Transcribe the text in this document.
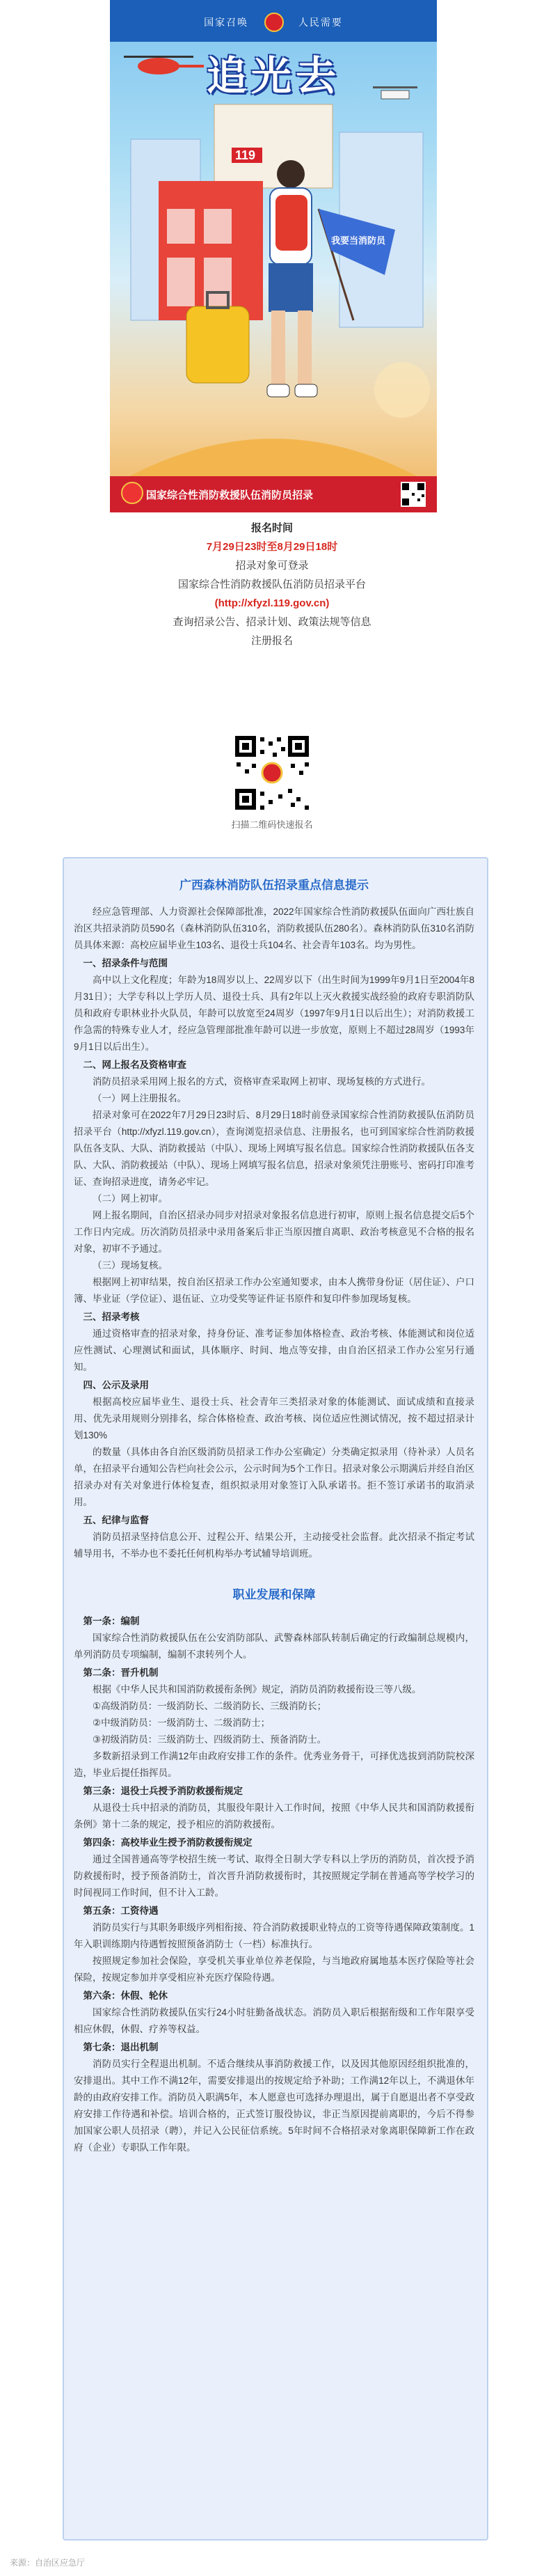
国家召唤	人民需要
119
我要当消防员
追光去
国家综合性消防救援队伍消防员招录
报名时间
7月29日23时至8月29日18时
招录对象可登录
国家综合性消防救援队伍消防员招录平台
(http://xfyzl.119.gov.cn)
查询招录公告、招录计划、政策法规等信息
注册报名
扫描二维码快速报名
广西森林消防队伍招录重点信息提示

经应急管理部、人力资源社会保障部批准，2022年国家综合性消防救援队伍面向广西壮族自治区共招录消防员590名（森林消防队伍310名，消防救援队伍280名）。森林消防队伍310名消防员具体来源：高校应届毕业生103名、退役士兵104名、社会青年103名。均为男性。

一、招录条件与范围

高中以上文化程度；年龄为18周岁以上、22周岁以下（出生时间为1999年9月1日至2004年8月31日）；大学专科以上学历人员、退役士兵、具有2年以上灭火救援实战经验的政府专职消防队员和政府专职林业扑火队员，年龄可以放宽至24周岁（1997年9月1日以后出生）；对消防救援工作急需的特殊专业人才，经应急管理部批准年龄可以进一步放宽，原则上不超过28周岁（1993年9月1日以后出生）。

二、网上报名及资格审查

消防员招录采用网上报名的方式，资格审查采取网上初审、现场复核的方式进行。

（一）网上注册报名。

招录对象可在2022年7月29日23时后、8月29日18时前登录国家综合性消防救援队伍消防员招录平台（http://xfyzl.119.gov.cn），查询浏览招录信息、注册报名，也可到国家综合性消防救援队伍各支队、大队、消防救援站（中队）、现场上网填写报名信息。国家综合性消防救援队伍各支队、大队、消防救援站（中队）、现场上网填写报名信息，招录对象须凭注册账号、密码打印准考证、查询招录进度，请务必牢记。

（二）网上初审。

网上报名期间，自治区招录办同步对招录对象报名信息进行初审，原则上报名信息提交后5个工作日内完成。历次消防员招录中录用备案后非正当原因擅自离职、政治考核意见不合格的报名对象，初审不予通过。

（三）现场复核。

根据网上初审结果，按自治区招录工作办公室通知要求，由本人携带身份证（居住证）、户口簿、毕业证（学位证）、退伍证、立功受奖等证件证书原件和复印件参加现场复核。

三、招录考核

通过资格审查的招录对象，持身份证、准考证参加体格检查、政治考核、体能测试和岗位适应性测试、心理测试和面试，具体顺序、时间、地点等安排，由自治区招录工作办公室另行通知。

四、公示及录用

根据高校应届毕业生、退役士兵、社会青年三类招录对象的体能测试、面试成绩和直接录用、优先录用规则分别排名，综合体格检查、政治考核、岗位适应性测试情况，按不超过招录计划130%

的数量（具体由各自治区级消防员招录工作办公室确定）分类确定拟录用（待补录）人员名单，在招录平台通知公告栏向社会公示，公示时间为5个工作日。招录对象公示期满后并经自治区招录办对有关对象进行体检复查，组织拟录用对象签订入队承诺书。拒不签订承诺书的取消录用。

五、纪律与监督

消防员招录坚持信息公开、过程公开、结果公开，主动接受社会监督。此次招录不指定考试辅导用书，不举办也不委托任何机构举办考试辅导培训班。

职业发展和保障

第一条：编制

国家综合性消防救援队伍在公安消防部队、武警森林部队转制后确定的行政编制总规模内，单列消防员专项编制，编制不隶转列个人。

第二条：晋升机制

根据《中华人民共和国消防救援衔条例》规定，消防员消防救援衔设三等八级。

①高级消防员：一级消防长、二级消防长、三级消防长；

②中级消防员：一级消防士、二级消防士；

③初级消防员：三级消防士、四级消防士、预备消防士。

多数新招录到工作满12年由政府安排工作的条件。优秀业务骨干，可择优选拔到消防院校深造，毕业后提任指挥员。

第三条：退役士兵授予消防救援衔规定

从退役士兵中招录的消防员，其服役年限计入工作时间，按照《中华人民共和国消防救援衔条例》第十二条的规定，授予相应的消防救援衔。

第四条：高校毕业生授予消防救援衔规定

通过全国普通高等学校招生统一考试、取得全日制大学专科以上学历的消防员，首次授予消防救援衔时，授予预备消防士，首次晋升消防救援衔时，其按照规定学制在普通高等学校学习的时间视同工作时间，但不计入工龄。

第五条：工资待遇

消防员实行与其职务职级序列相衔接、符合消防救援职业特点的工资等待遇保障政策制度。1年入职训练期内待遇暂按照预备消防士（一档）标准执行。

按照规定参加社会保险，享受机关事业单位养老保险，与当地政府属地基本医疗保险等社会保险，按规定参加并享受相应补充医疗保险待遇。

第六条：休假、轮休

国家综合性消防救援队伍实行24小时驻勤备战状态。消防员入职后根据衔级和工作年限享受相应休假，休假、疗养等权益。

第七条：退出机制

消防员实行全程退出机制。不适合继续从事消防救援工作，以及因其他原因经组织批准的，安排退出。其中工作不满12年，需要安排退出的按规定给予补助；工作满12年以上，不满退休年龄的由政府安排工作。消防员入职满5年，本人愿意也可选择办理退出，属于自愿退出者不享受政府安排工作待遇和补偿。培训合格的，正式签订服役协议，非正当原因提前离职的，今后不得参加国家公职人员招录（聘），并记入公民征信系统。5年时间不合格招录对象离职保障新工作在政府（企业）专职队工作年限。

来源：自治区应急厅
